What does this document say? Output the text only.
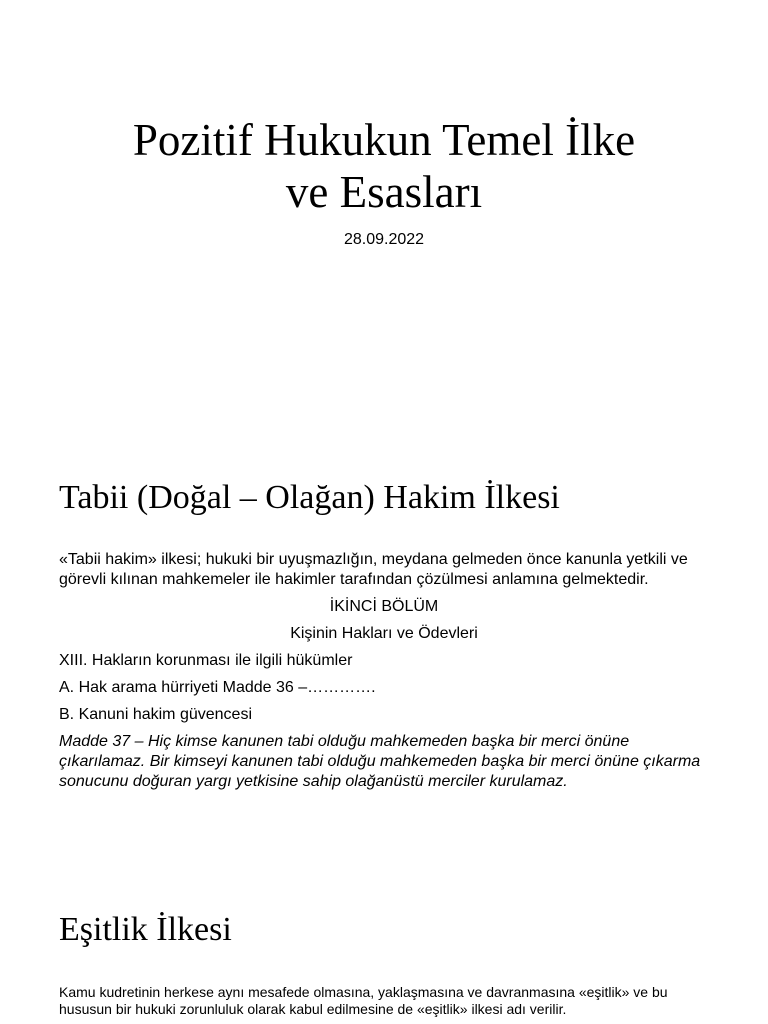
Pozitif Hukukun Temel İlke
ve Esasları
28.09.2022
Tabii (Doğal – Olağan) Hakim İlkesi

«Tabii hakim» ilkesi; hukuki bir uyuşmazlığın, meydana gelmeden önce kanunla yetkili ve görevli kılınan mahkemeler ile hakimler tarafından çözülmesi anlamına gelmektedir.

İKİNCİ BÖLÜM

Kişinin Hakları ve Ödevleri

XIII. Hakların korunması ile ilgili hükümler

A. Hak arama hürriyeti Madde 36 –………….

B. Kanuni hakim güvencesi

Madde 37 – Hiç kimse kanunen tabi olduğu mahkemeden başka bir merci önüne çıkarılamaz. Bir kimseyi kanunen tabi olduğu mahkemeden başka bir merci önüne çıkarma sonucunu doğuran yargı yetkisine sahip olağanüstü merciler kurulamaz.

Eşitlik İlkesi
Kamu kudretinin herkese aynı mesafede olmasına, yaklaşmasına ve davranmasına «eşitlik» ve bu hususun bir hukuki zorunluluk olarak kabul edilmesine de «eşitlik» ilkesi adı verilir.
